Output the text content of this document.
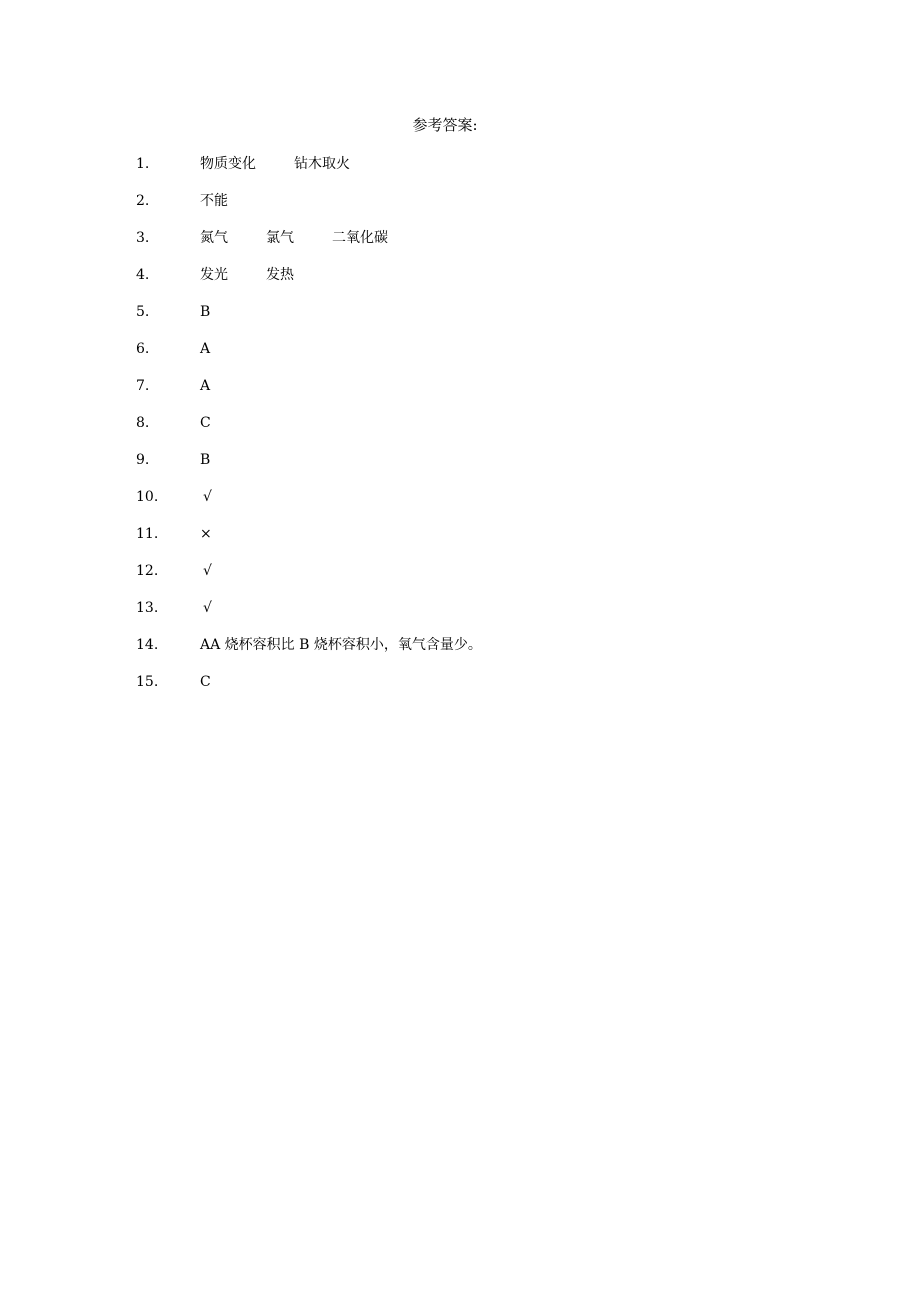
参考答案:
1.	物质变化	钻木取火
2.	不能
3.	氮气	氯气	二氧化碳
4.	发光	发热
5.	B
6.	A
7.	A
8.	C
9.	B
10.	√
11.	×
12.	√
13.	√
14.	AA 烧杯容积比 B 烧杯容积小，氧气含量少。
15.	C
